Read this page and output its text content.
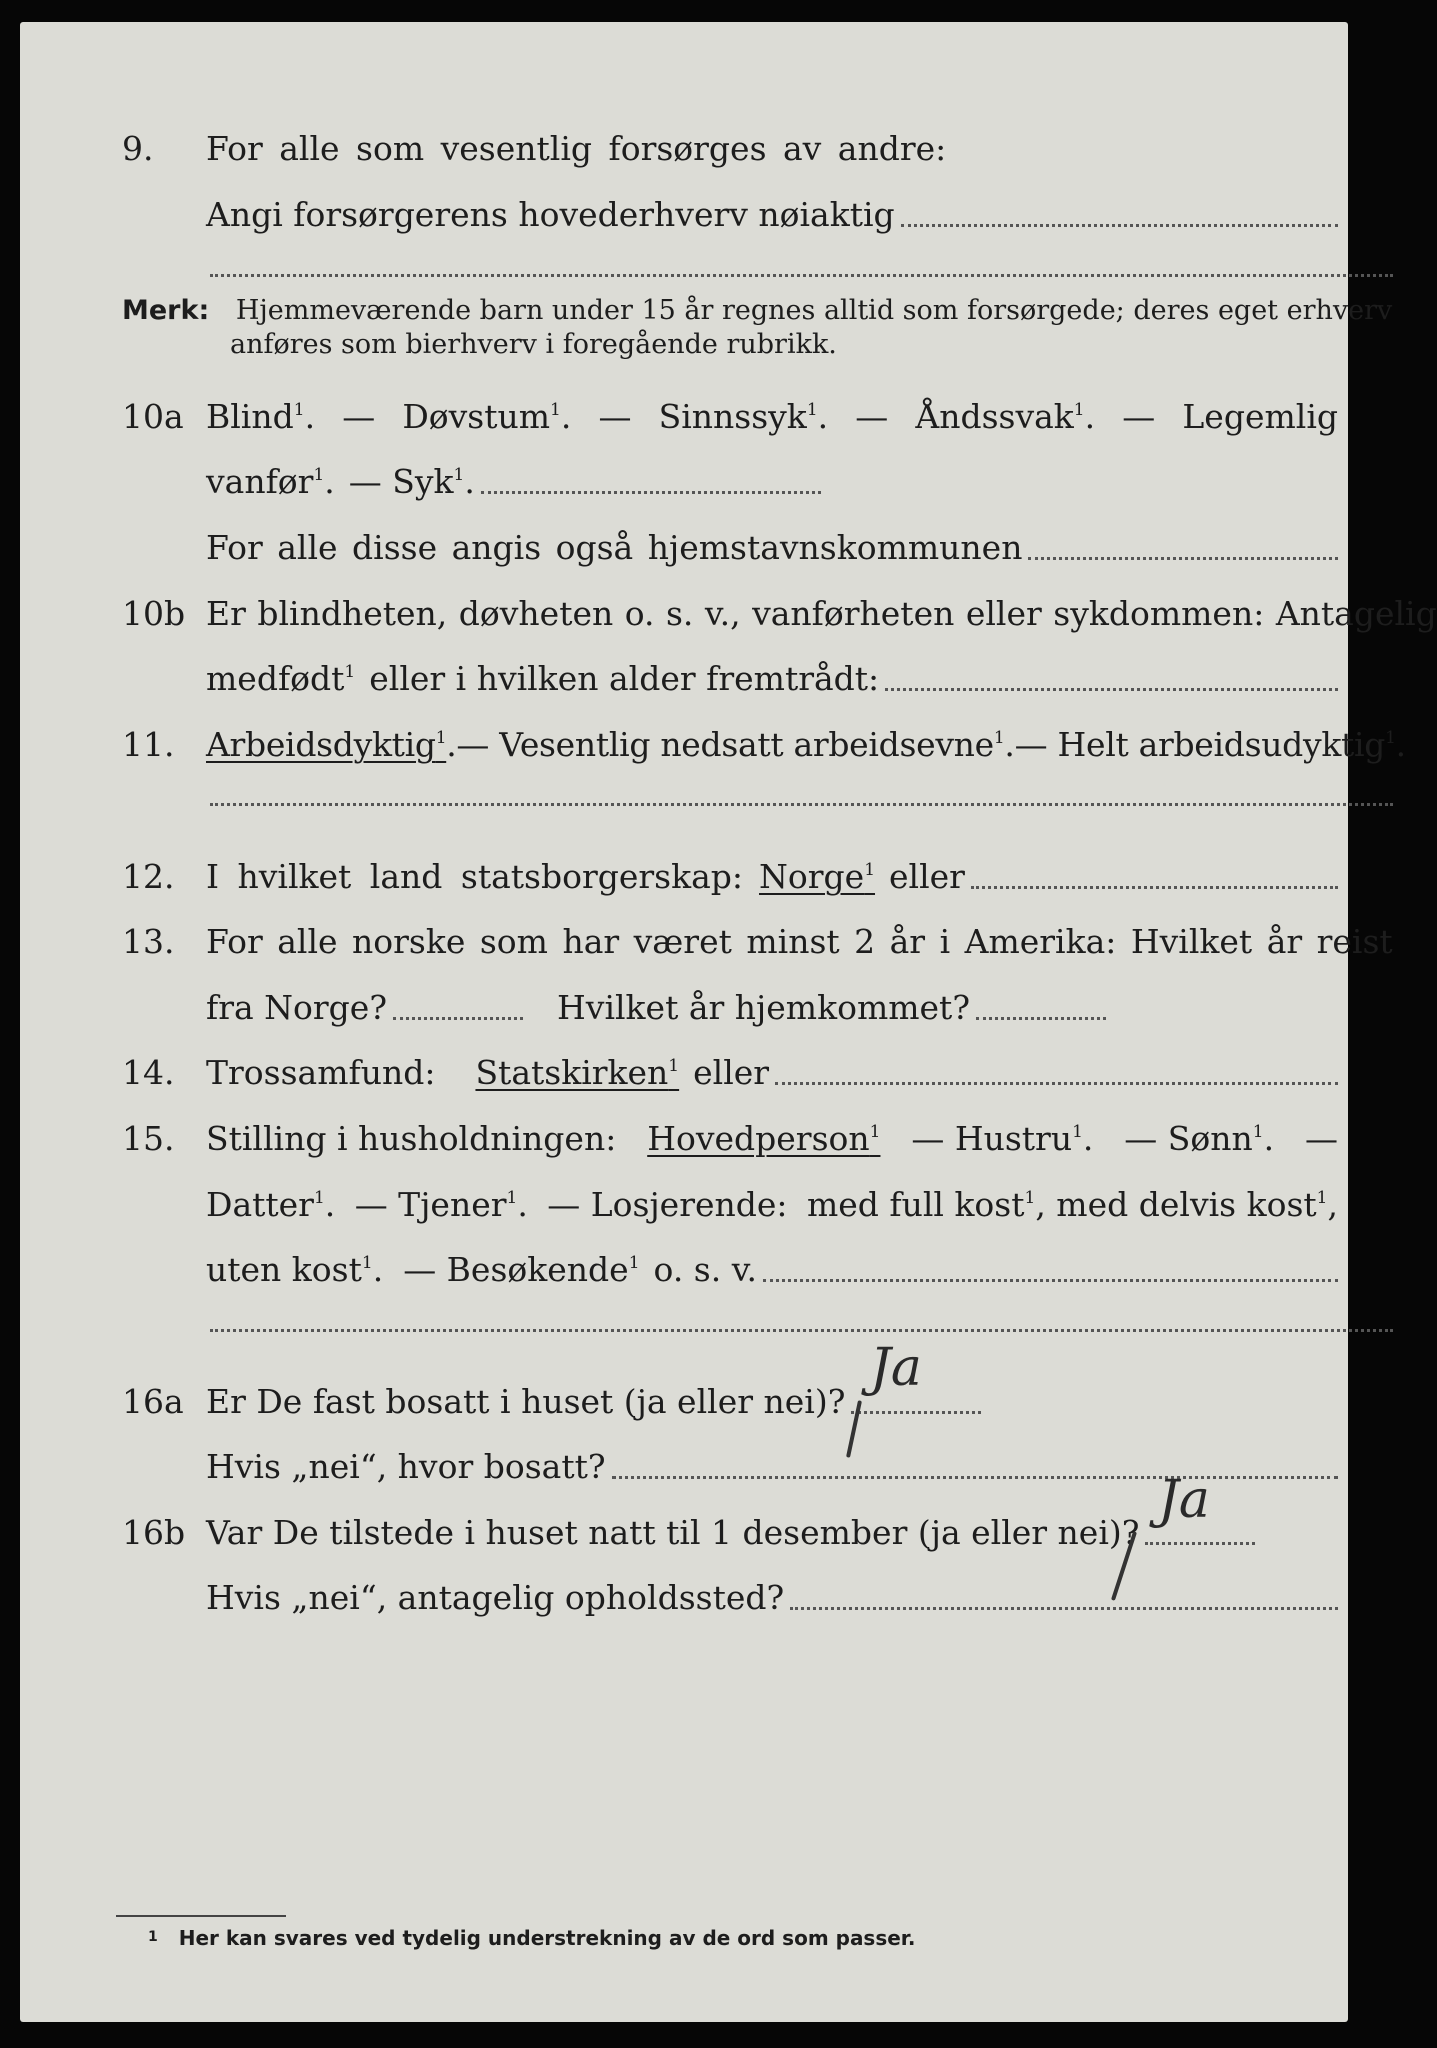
9.	For alle som vesentlig forsørges av andre:
Angi forsørgerens hovederhverv nøiaktig
Merk: Hjemmeværende barn under 15 år regnes alltid som forsørgede; deres eget erhverv
anføres som bierhverv i foregående rubrikk.
10a Blind$^1$. — Døvstum$^1$. — Sinnssyk$^1$. — Åndssvak$^1$. — Legemlig
vanfør$^1$. — Syk$^1$.
For alle disse angis også hjemstavnskommunen
10b Er blindheten, døvheten o. s. v., vanførheten eller sykdommen: Antagelig
medfødt$^1$ eller i hvilken alder fremtrådt:
11. Arbeidsdyktig$^1$ . — Vesentlig nedsatt arbeidsevne$^1$. — Helt arbeidsudyktig$^1$.
12. I hvilket land statsborgerskap: Norge$^1$ eller
13. For alle norske som har været minst 2 år i Amerika: Hvilket år reist
fra Norge?	Hvilket år hjemkommet?
14. Trossamfund: Statskirken$^1$ eller
15. Stilling i husholdningen: Hovedperson$^1$ — Hustru$^1$. — Sønn$^1$. —
Datter$^1$. — Tjener$^1$. — Losjerende: med full kost$^1$, med delvis kost$^1$,
uten kost$^1$. — Besøkende$^1$ o. s. v.
16a Er De fast bosatt i huset (ja eller nei)?
Ja
Hvis „nei“, hvor bosatt?
16b Var De tilstede i huset natt til 1 desember (ja eller nei)?
Ja
Hvis „nei“, antagelig opholdssted?
$^1$ Her kan svares ved tydelig understrekning av de ord som passer.
